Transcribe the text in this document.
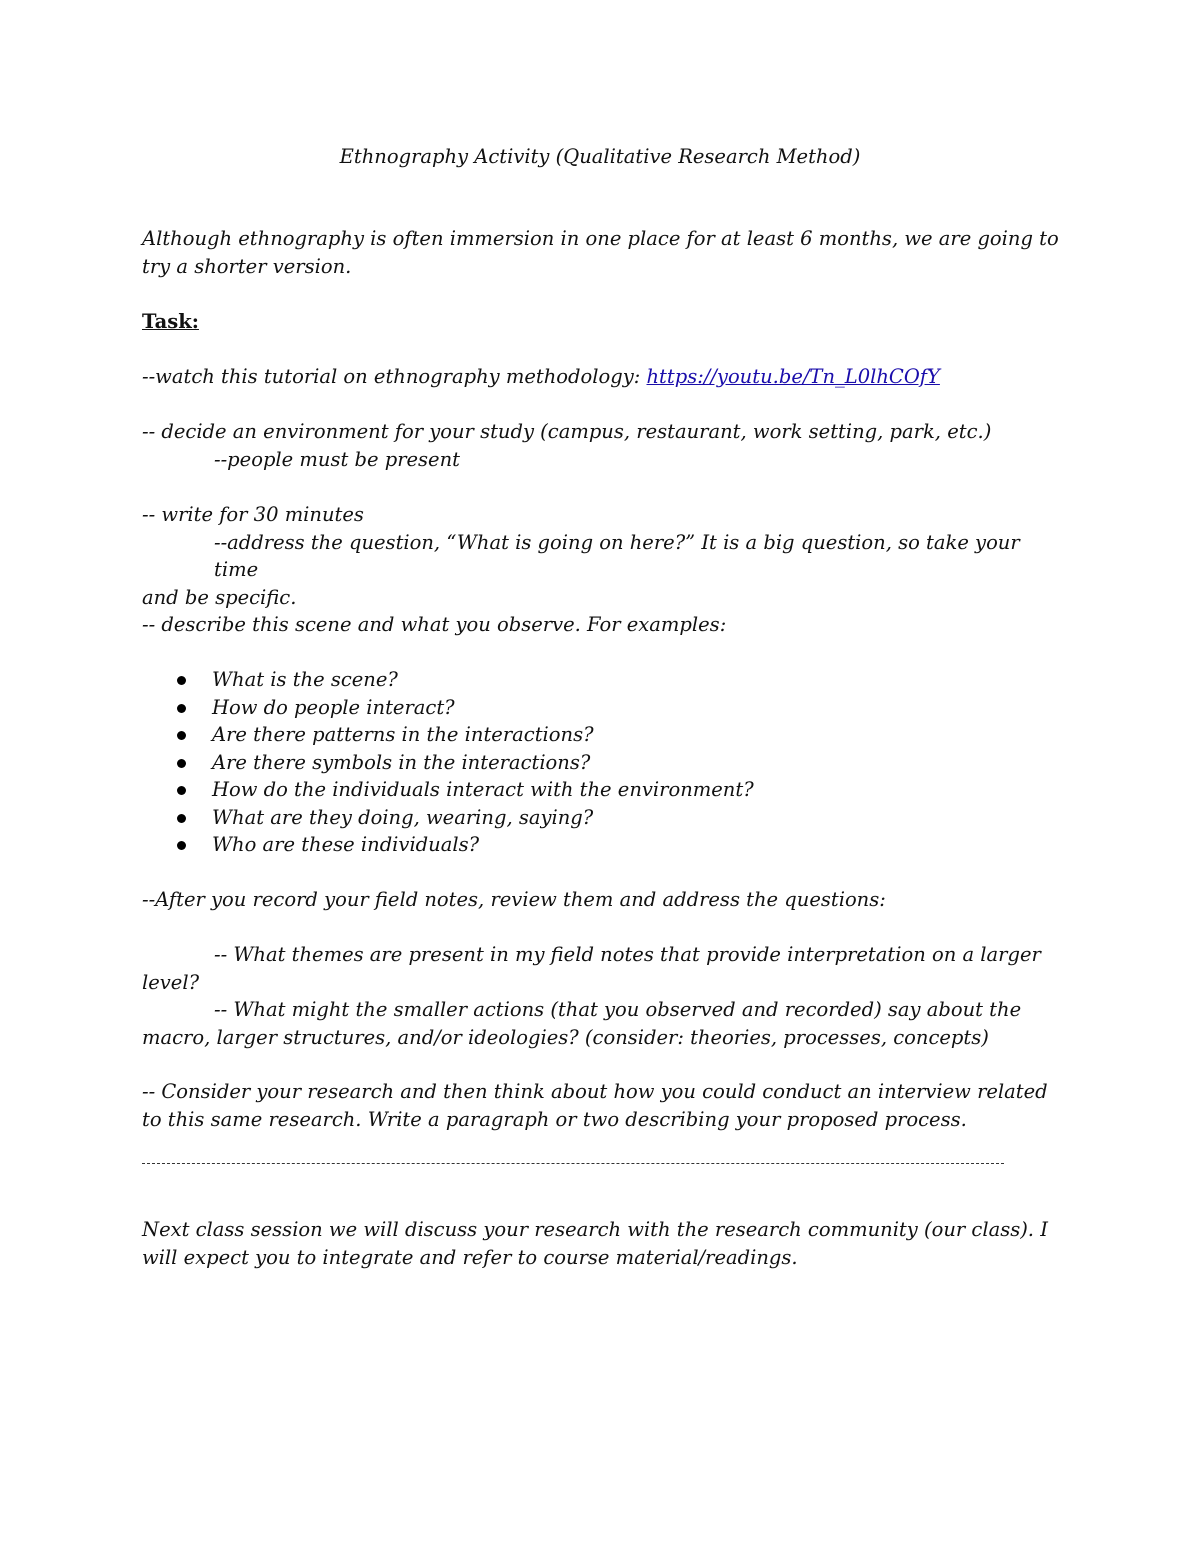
Ethnography Activity (Qualitative Research Method)

Although ethnography is often immersion in one place for at least 6 months, we are going to try a shorter version.

Task:

--watch this tutorial on ethnography methodology: https://youtu.be/Tn_L0lhCOfY

-- decide an environment for your study (campus, restaurant, work setting, park, etc.)
--people must be present
-- write for 30 minutes
--address the question, “What is going on here?” It is a big question, so take your time
and be specific.

-- describe this scene and what you observe. For examples:

What is the scene?
How do people interact?
Are there patterns in the interactions?
Are there symbols in the interactions?
How do the individuals interact with the environment?
What are they doing, wearing, saying?
Who are these individuals?

--After you record your field notes, review them and address the questions:

-- What themes are present in my field notes that provide interpretation on a larger
level?
-- What might the smaller actions (that you observed and recorded) say about the
macro, larger structures, and/or ideologies? (consider: theories, processes, concepts)

-- Consider your research and then think about how you could conduct an interview related to this same research. Write a paragraph or two describing your proposed process.

Next class session we will discuss your research with the research community (our class). I will expect you to integrate and refer to course material/readings.
